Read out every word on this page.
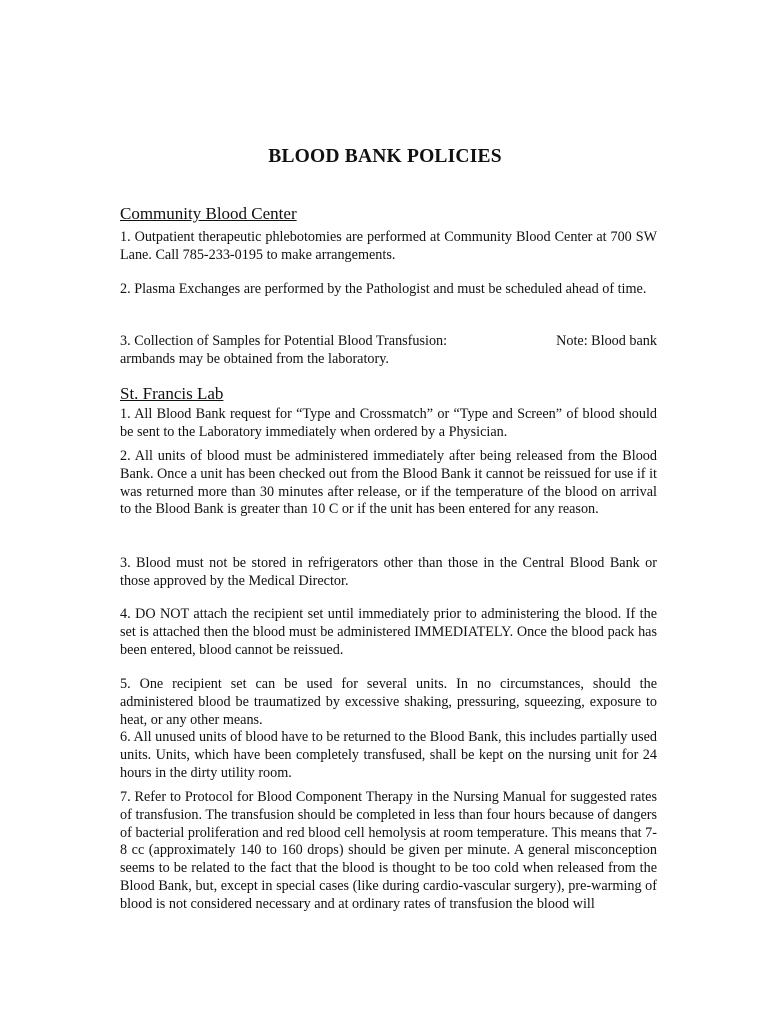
BLOOD BANK POLICIES
Community Blood Center

1. Outpatient therapeutic phlebotomies are performed at Community Blood Center at 700 SW Lane. Call 785-233-0195 to make arrangements.

2. Plasma Exchanges are performed by the Pathologist and must be scheduled ahead of time.

3. Collection of Samples for Potential Blood Transfusion:	Note: Blood bank
armbands may be obtained from the laboratory.
St. Francis Lab

1. All Blood Bank request for “Type and Crossmatch” or “Type and Screen” of blood should be sent to the Laboratory immediately when ordered by a Physician.

2. All units of blood must be administered immediately after being released from the Blood Bank. Once a unit has been checked out from the Blood Bank it cannot be reissued for use if it was returned more than 30 minutes after release, or if the temperature of the blood on arrival to the Blood Bank is greater than 10 C or if the unit has been entered for any reason.

3. Blood must not be stored in refrigerators other than those in the Central Blood Bank or those approved by the Medical Director.

4. DO NOT attach the recipient set until immediately prior to administering the blood. If the set is attached then the blood must be administered IMMEDIATELY. Once the blood pack has been entered, blood cannot be reissued.

5. One recipient set can be used for several units. In no circumstances, should the administered blood be traumatized by excessive shaking, pressuring, squeezing, exposure to heat, or any other means.

6. All unused units of blood have to be returned to the Blood Bank, this includes partially used units. Units, which have been completely transfused, shall be kept on the nursing unit for 24 hours in the dirty utility room.

7. Refer to Protocol for Blood Component Therapy in the Nursing Manual for suggested rates of transfusion. The transfusion should be completed in less than four hours because of dangers of bacterial proliferation and red blood cell hemolysis at room temperature. This means that 7-8 cc (approximately 140 to 160 drops) should be given per minute. A general misconception seems to be related to the fact that the blood is thought to be too cold when released from the Blood Bank, but, except in special cases (like during cardio-vascular surgery), pre-warming of blood is not considered necessary and at ordinary rates of transfusion the blood will
